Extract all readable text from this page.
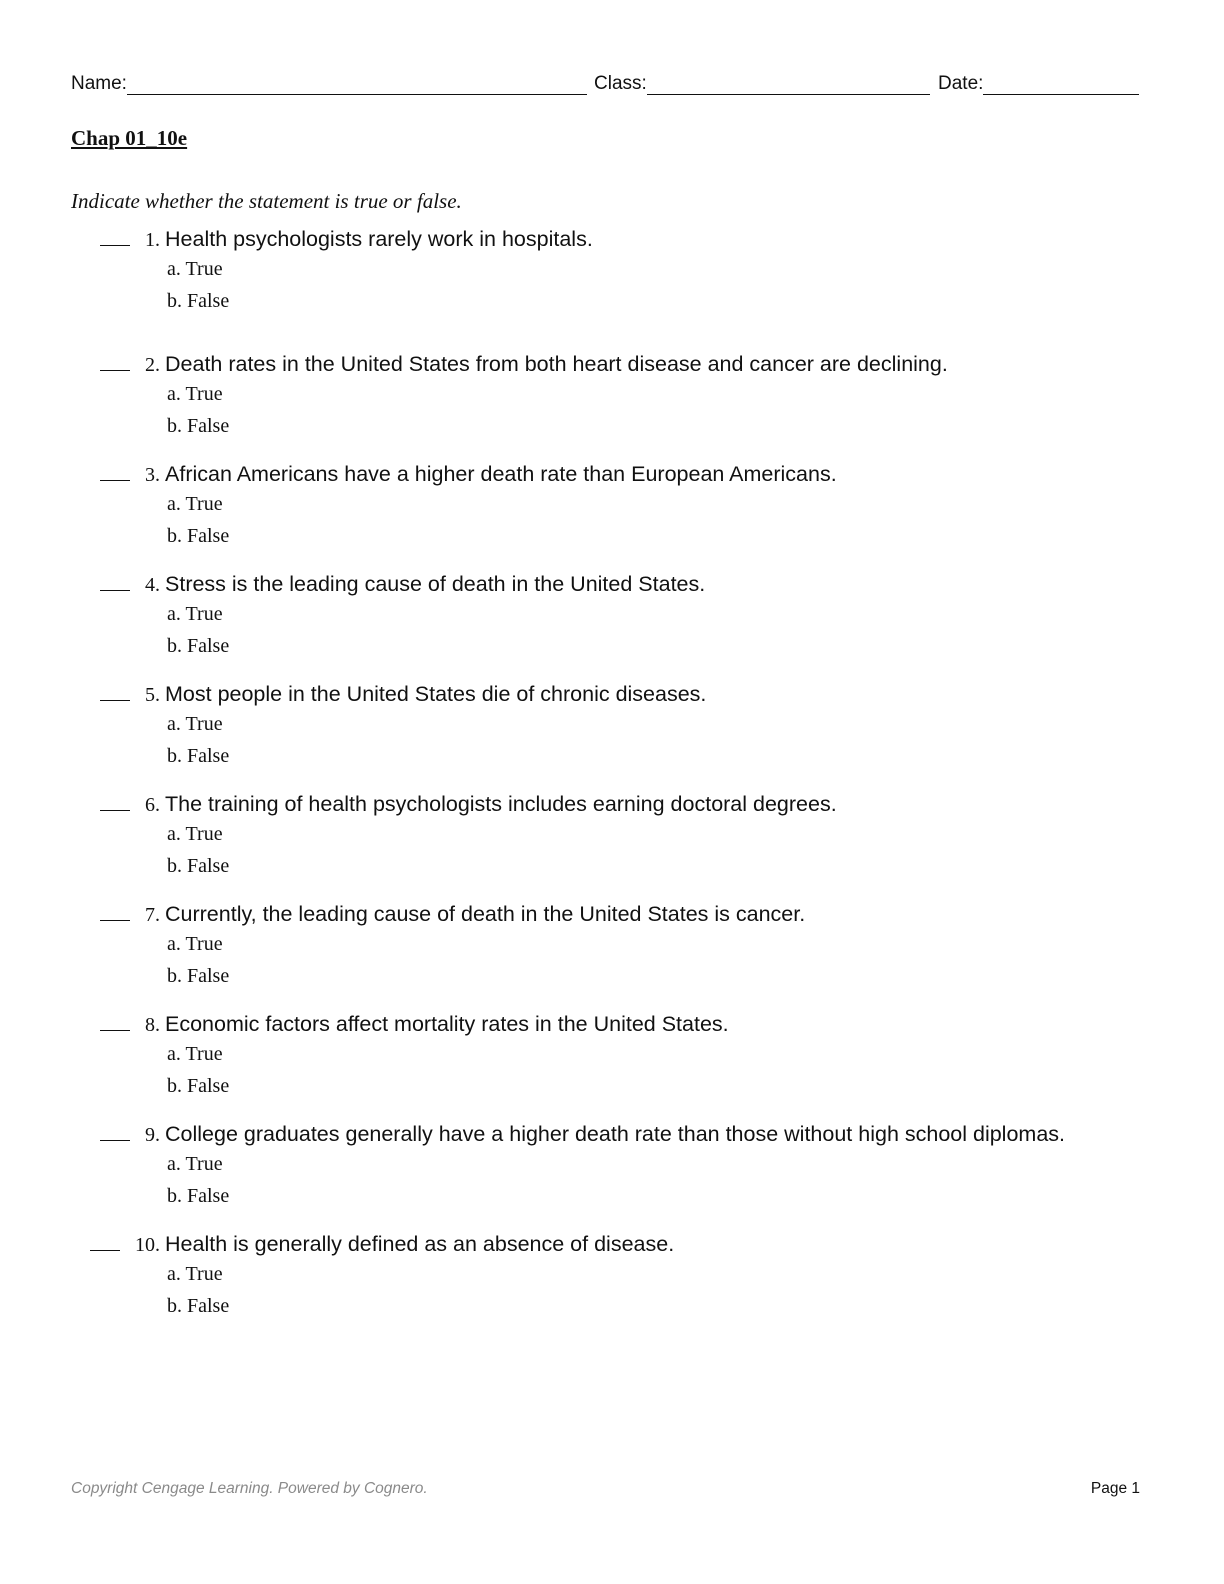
Name:	Class:	Date:
Chap 01_10e
Indicate whether the statement is true or false.
1. Health psychologists rarely work in hospitals.
a. True
b. False
2. Death rates in the United States from both heart disease and cancer are declining.
a. True
b. False
3. African Americans have a higher death rate than European Americans.
a. True
b. False
4. Stress is the leading cause of death in the United States.
a. True
b. False
5. Most people in the United States die of chronic diseases.
a. True
b. False
6. The training of health psychologists includes earning doctoral degrees.
a. True
b. False
7. Currently, the leading cause of death in the United States is cancer.
a. True
b. False
8. Economic factors affect mortality rates in the United States.
a. True
b. False
9. College graduates generally have a higher death rate than those without high school diplomas.
a. True
b. False
10. Health is generally defined as an absence of disease.
a. True
b. False
Copyright Cengage Learning. Powered by Cognero.	Page 1
